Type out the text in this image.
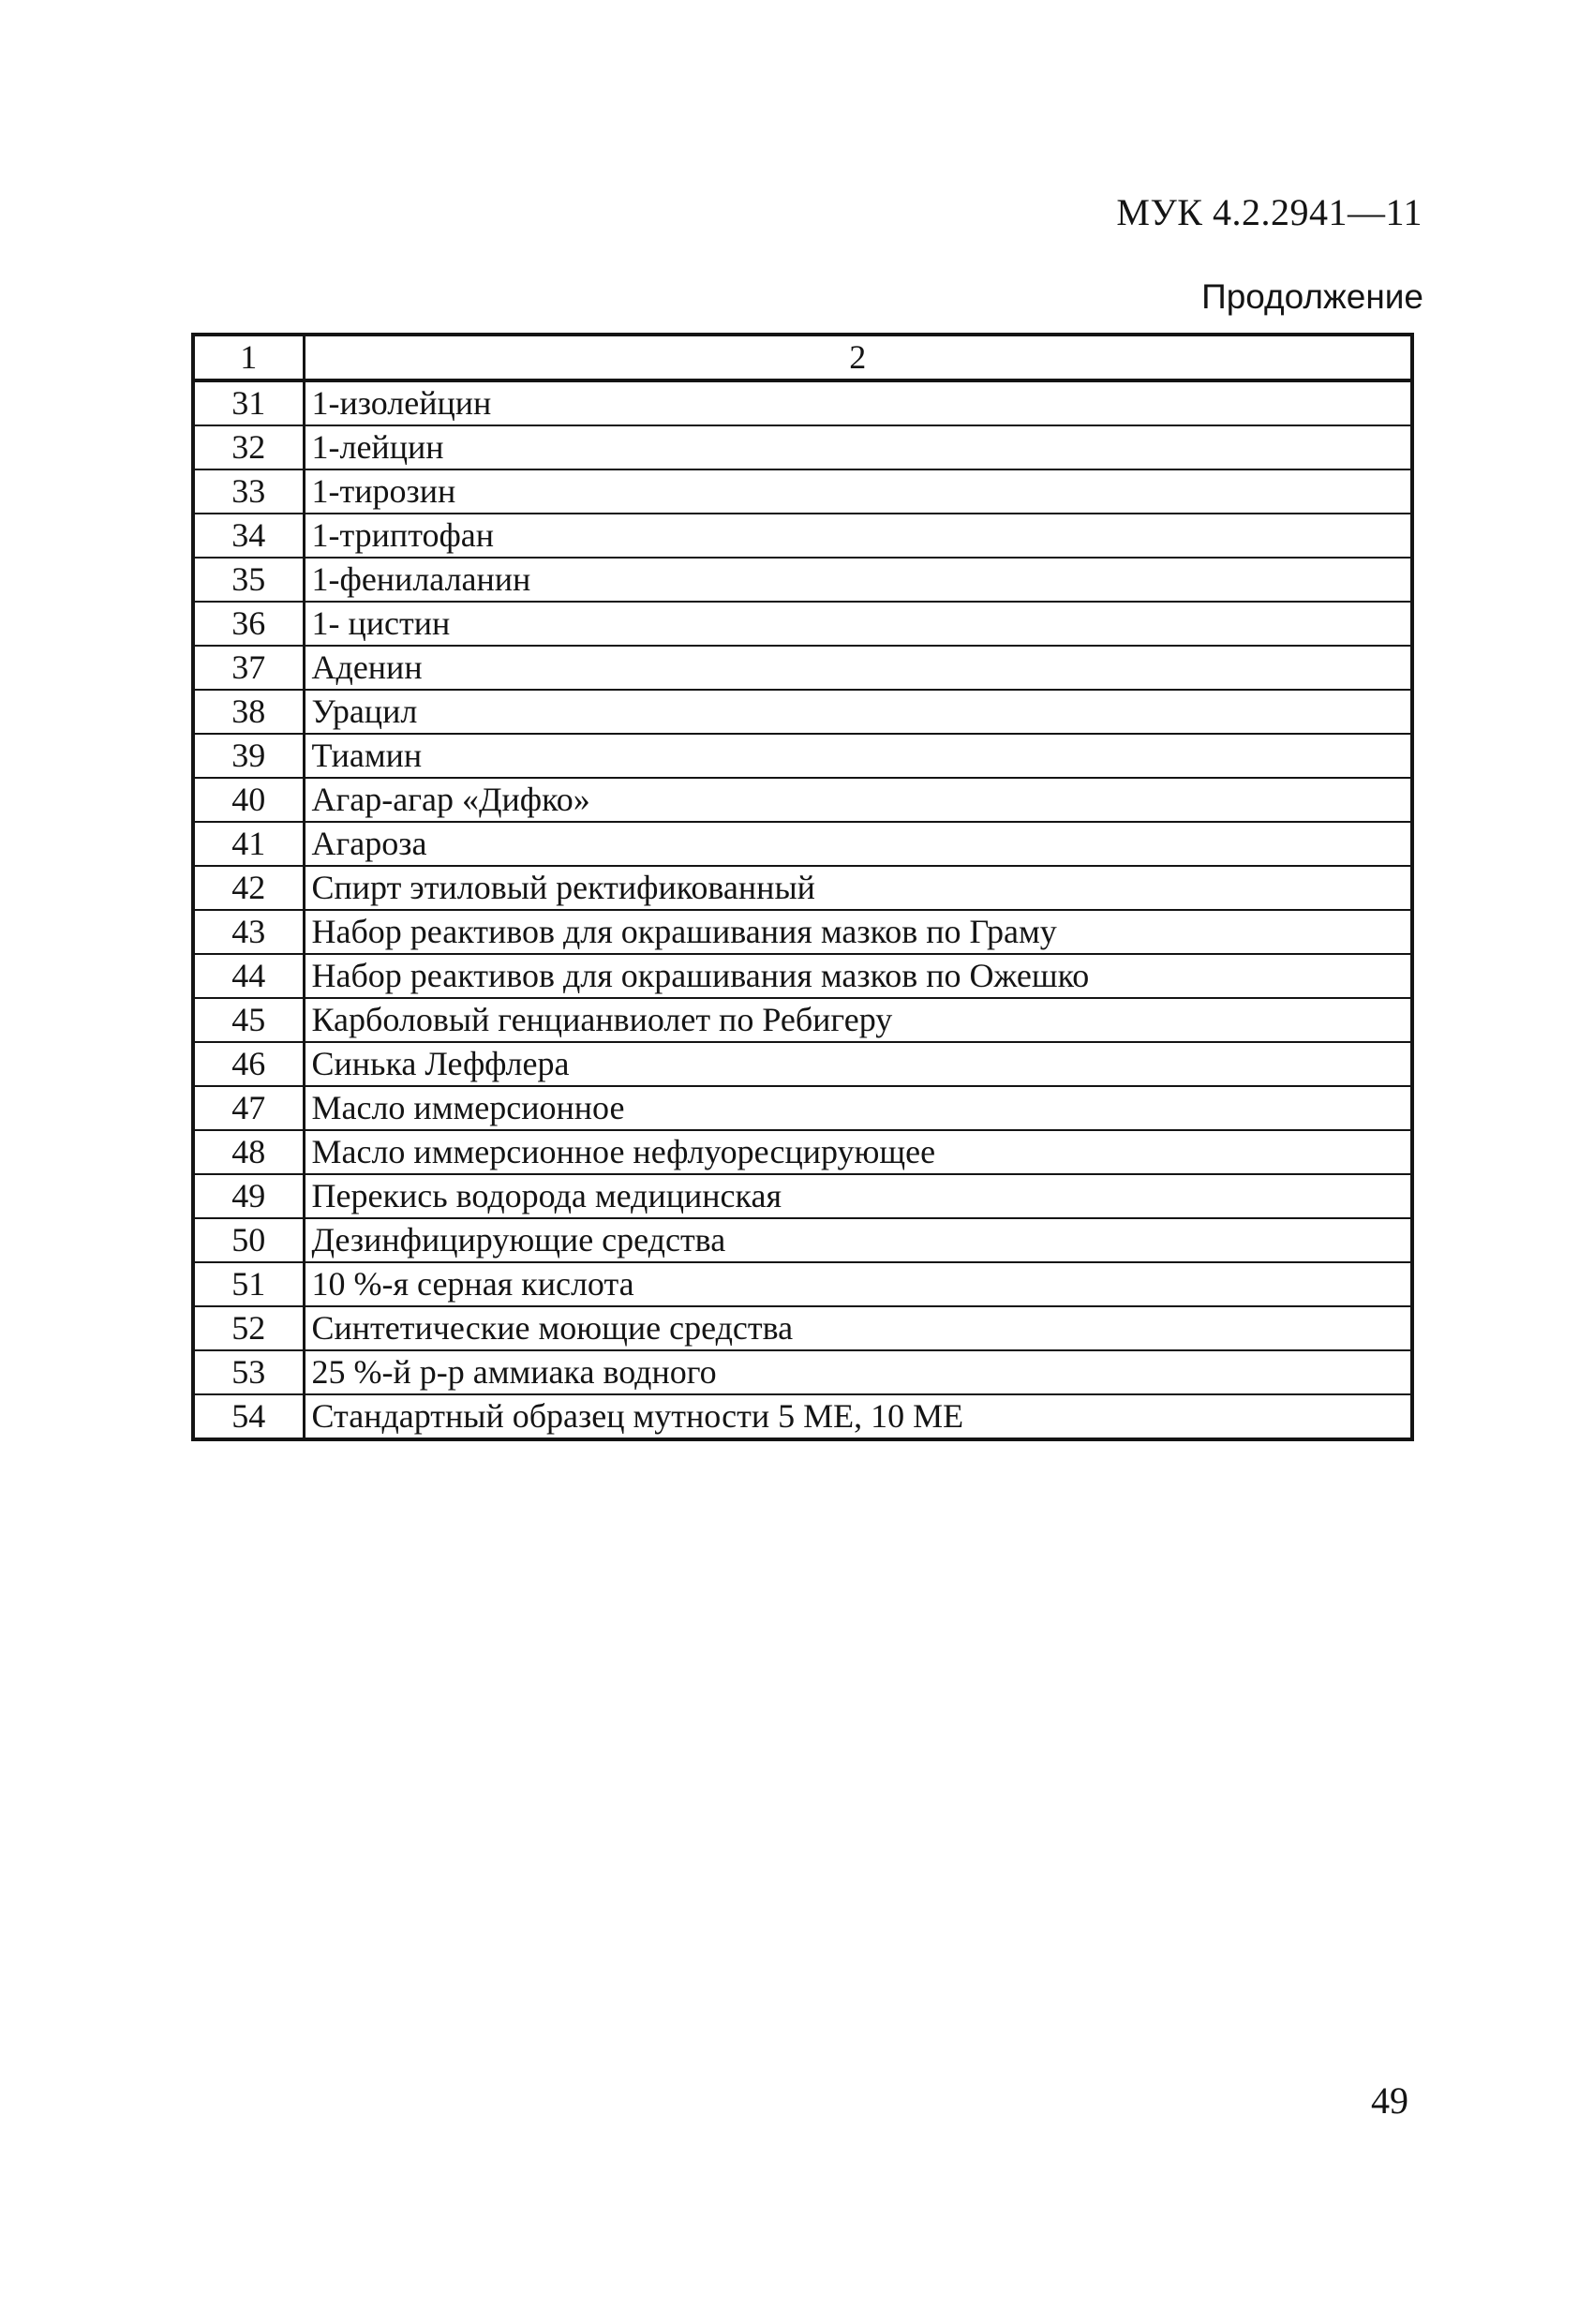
МУК 4.2.2941—11
Продолжение
1	2
31	1-изолейцин
32	1-лейцин
33	1-тирозин
34	1-триптофан
35	1-фенилаланин
36	1- цистин
37	Аденин
38	Урацил
39	Тиамин
40	Агар-агар «Дифко»
41	Агароза
42	Спирт этиловый ректификованный
43	Набор реактивов для окрашивания мазков по Граму
44	Набор реактивов для окрашивания мазков по Ожешко
45	Карболовый генцианвиолет по Ребигеру
46	Синька Леффлера
47	Масло иммерсионное
48	Масло иммерсионное нефлуоресцирующее
49	Перекись водорода медицинская
50	Дезинфицирующие средства
51	10 %-я серная кислота
52	Синтетические моющие средства
53	25 %-й р-р аммиака водного
54	Стандартный образец мутности 5 МЕ, 10 МЕ
49
